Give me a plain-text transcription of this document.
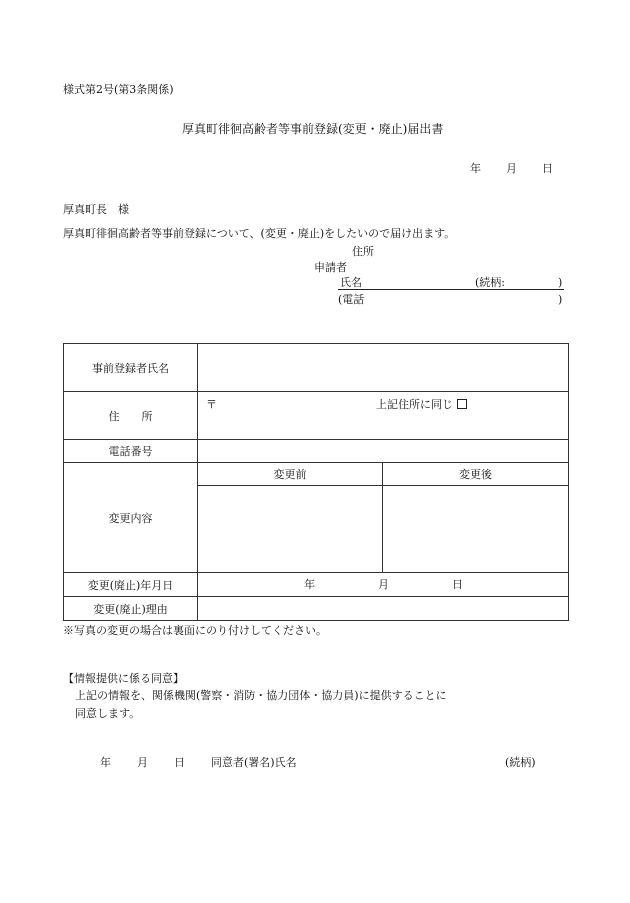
様式第2号(第3条関係)
厚真町徘徊高齢者等事前登録(変更・廃止)届出書
年 月 日
厚真町長　様
厚真町徘徊高齢者等事前登録について、(変更・廃止)をしたいので届け出ます。
住所
申請者
氏名	(続柄:	)
(電話	)
事前登録者氏名		
住　　所	〒 上記住所に同じ	

電話番号		
変更内容	変更前	変更後

変更(廃止)年月日	年 月 日	

変更(廃止)理由		
※写真の変更の場合は裏面にのり付けしてください。
【情報提供に係る同意】
上記の情報を、関係機関(警察・消防・協力団体・協力員)に提供することに
同意します。
年 月 日 同意者(署名)氏名	(続柄)
